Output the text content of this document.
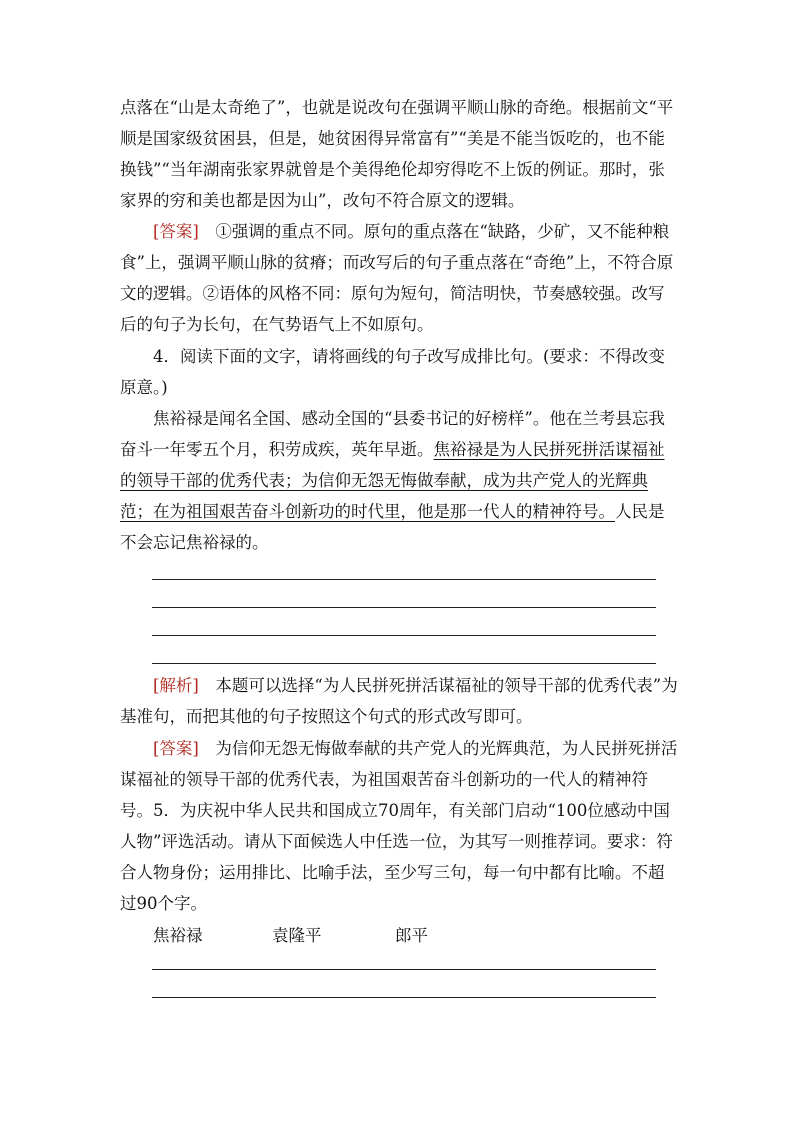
点落在“山是太奇绝了”，也就是说改句在强调平顺山脉的奇绝。根据前文“平顺是国家级贫困县，但是，她贫困得异常富有”“美是不能当饭吃的，也不能换钱”“当年湖南张家界就曾是个美得绝伦却穷得吃不上饭的例证。那时，张家界的穷和美也都是因为山”，改句不符合原文的逻辑。

[答案]　 ①强调的重点不同。原句的重点落在“缺路，少矿，又不能种粮食”上，强调平顺山脉的贫瘠；而改写后的句子重点落在“奇绝”上，不符合原文的逻辑。②语体的风格不同：原句为短句，简洁明快，节奏感较强。改写后的句子为长句，在气势语气上不如原句。

4．阅读下面的文字，请将画线的句子改写成排比句。(要求：不得改变原意。)

焦裕禄是闻名全国、感动全国的“县委书记的好榜样”。他在兰考县忘我奋斗一年零五个月，积劳成疾，英年早逝。焦裕禄是为人民拼死拼活谋福祉的领导干部的优秀代表；为信仰无怨无悔做奉献，成为共产党人的光辉典范；在为祖国艰苦奋斗创新功的时代里，他是那一代人的精神符号。人民是不会忘记焦裕禄的。

[解析]　 本题可以选择“为人民拼死拼活谋福祉的领导干部的优秀代表”为基准句，而把其他的句子按照这个句式的形式改写即可。

[答案]　 为信仰无怨无悔做奉献的共产党人的光辉典范，为人民拼死拼活谋福祉的领导干部的优秀代表，为祖国艰苦奋斗创新功的一代人的精神符号。 5．为庆祝中华人民共和国成立70周年，有关部门启动“100位感动中国人物”评选活动。请从下面候选人中任选一位，为其写一则推荐词。要求：符合人物身份；运用排比、比喻手法，至少写三句，每一句中都有比喻。不超过90个字。

焦裕禄	袁隆平	郎平
